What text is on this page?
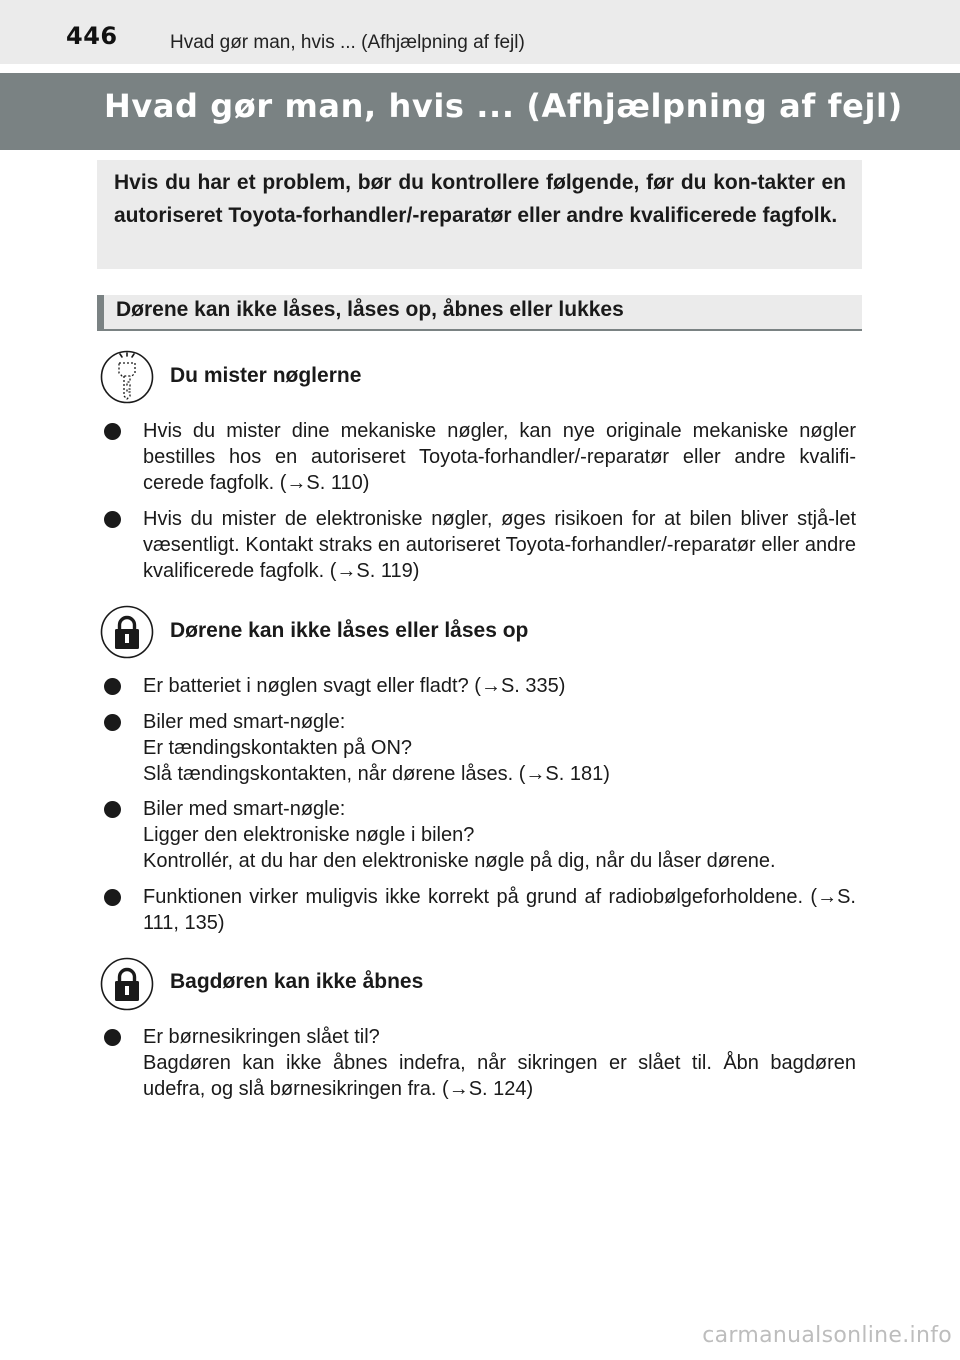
446	Hvad gør man, hvis ... (Afhjælpning af fejl)
Hvad gør man, hvis ... (Afhjælpning af fejl)

Hvis du har et problem, bør du kontrollere følgende, før du kon-takter en autoriseret Toyota-forhandler/-reparatør eller andre kvalificerede fagfolk.

Dørene kan ikke låses, låses op, åbnes eller lukkes
Du mister nøglerne
Hvis du mister dine mekaniske nøgler, kan nye originale mekaniske nøgler bestilles hos en autoriseret Toyota-forhandler/-reparatør eller andre kvalifi-cerede fagfolk. (→S. 110)
Hvis du mister de elektroniske nøgler, øges risikoen for at bilen bliver stjå-let væsentligt. Kontakt straks en autoriseret Toyota-forhandler/-reparatør eller andre kvalificerede fagfolk. (→S. 119)
Dørene kan ikke låses eller låses op
Er batteriet i nøglen svagt eller fladt? (→S. 335)
Biler med smart-nøgle:
Er tændingskontakten på ON?
Slå tændingskontakten, når dørene låses. (→S. 181)
Biler med smart-nøgle:
Ligger den elektroniske nøgle i bilen?
Kontrollér, at du har den elektroniske nøgle på dig, når du låser dørene.
Funktionen virker muligvis ikke korrekt på grund af radiobølgeforholdene. (→S. 111, 135)
Bagdøren kan ikke åbnes
Er børnesikringen slået til?
Bagdøren kan ikke åbnes indefra, når sikringen er slået til. Åbn bagdøren udefra, og slå børnesikringen fra. (→S. 124)
carmanualsonline.info
